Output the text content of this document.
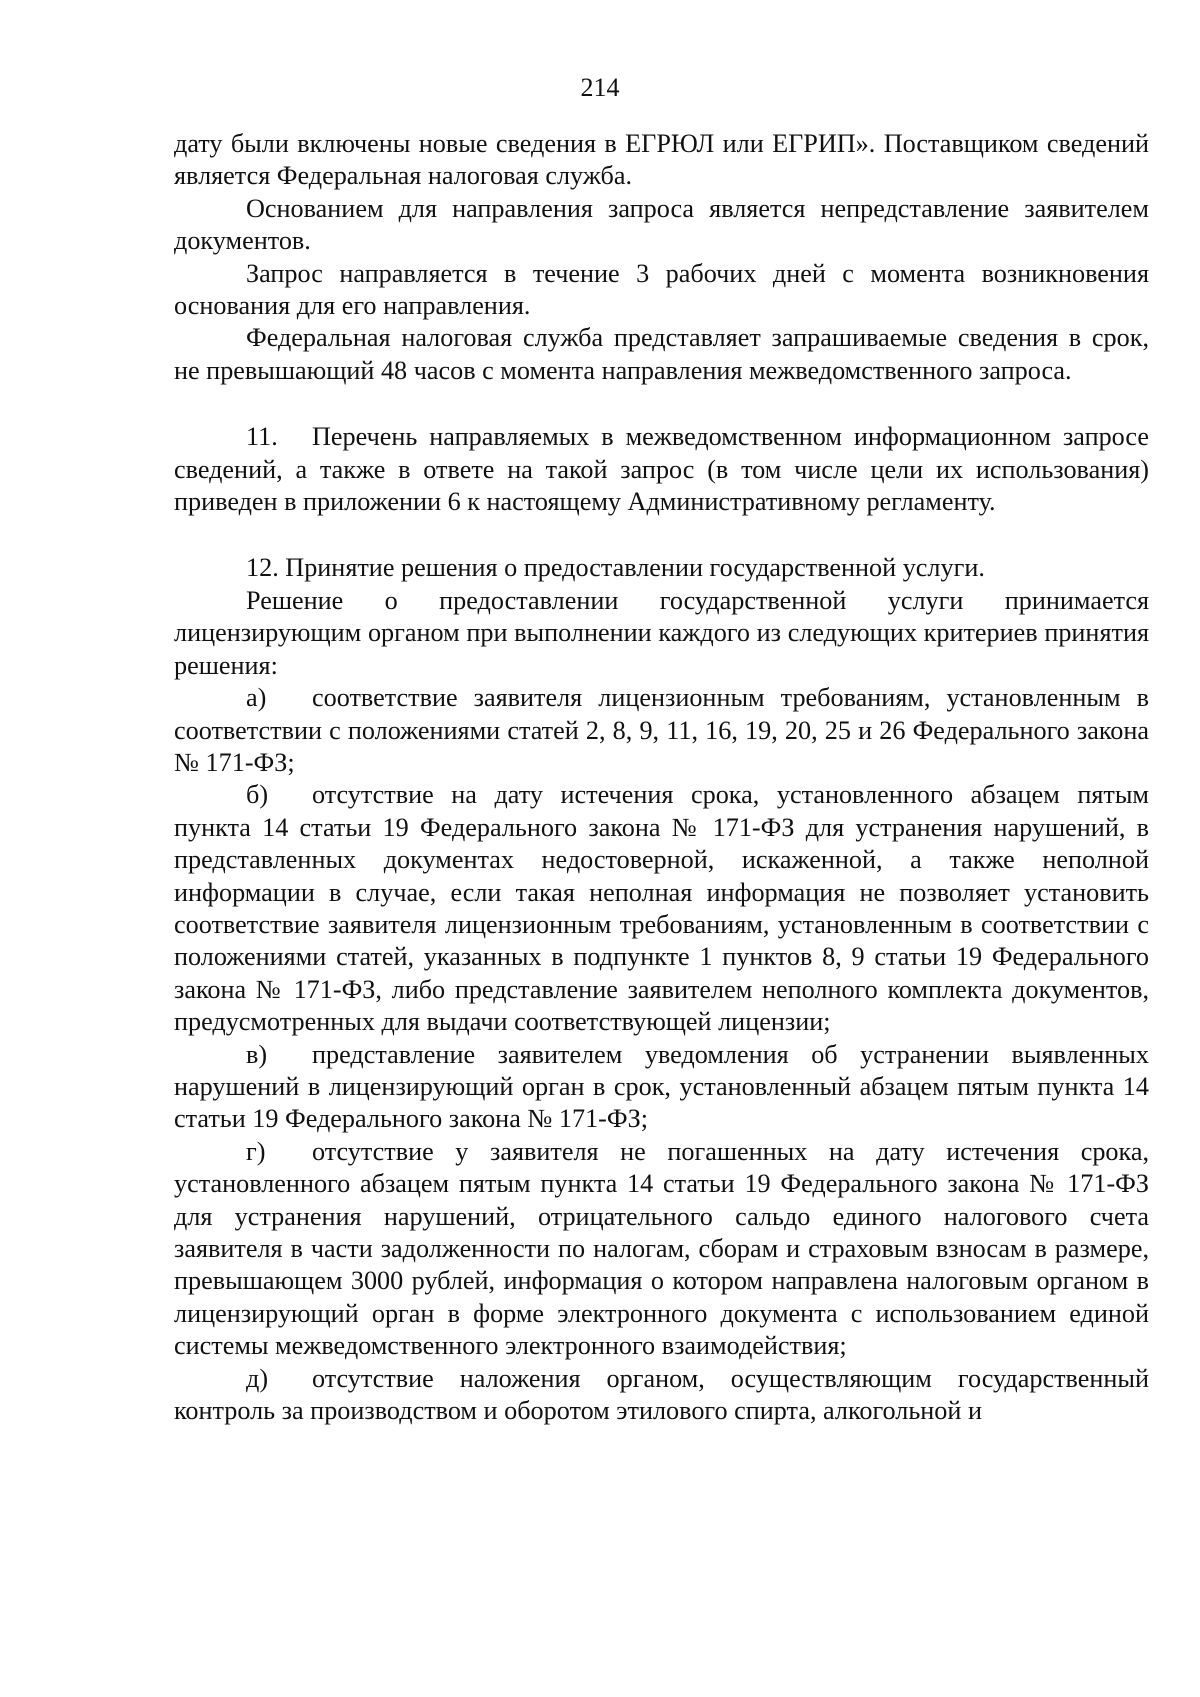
214

дату были включены новые сведения в ЕГРЮЛ или ЕГРИП». Поставщиком сведений является Федеральная налоговая служба.

Основанием для направления запроса является непредставление заявителем документов.

Запрос направляется в течение 3 рабочих дней с момента возникновения основания для его направления.

Федеральная налоговая служба представляет запрашиваемые сведения в срок, не превышающий 48 часов с момента направления межведомственного запроса.

11. Перечень направляемых в межведомственном информационном запросе сведений, а также в ответе на такой запрос (в том числе цели их использования) приведен в приложении 6 к настоящему Административному регламенту.

12. Принятие решения о предоставлении государственной услуги.

Решение о предоставлении государственной услуги принимается лицензирующим органом при выполнении каждого из следующих критериев принятия решения:

а) соответствие заявителя лицензионным требованиям, установленным в соответствии с положениями статей 2, 8, 9, 11, 16, 19, 20, 25 и 26 Федерального закона № 171-ФЗ;

б) отсутствие на дату истечения срока, установленного абзацем пятым пункта 14 статьи 19 Федерального закона № 171-ФЗ для устранения нарушений, в представленных документах недостоверной, искаженной, а также неполной информации в случае, если такая неполная информация не позволяет установить соответствие заявителя лицензионным требованиям, установленным в соответствии с положениями статей, указанных в подпункте 1 пунктов 8, 9 статьи 19 Федерального закона № 171-ФЗ, либо представление заявителем неполного комплекта документов, предусмотренных для выдачи соответствующей лицензии;

в) представление заявителем уведомления об устранении выявленных нарушений в лицензирующий орган в срок, установленный абзацем пятым пункта 14 статьи 19 Федерального закона № 171-ФЗ;

г) отсутствие у заявителя не погашенных на дату истечения срока, установленного абзацем пятым пункта 14 статьи 19 Федерального закона № 171-ФЗ для устранения нарушений, отрицательного сальдо единого налогового счета заявителя в части задолженности по налогам, сборам и страховым взносам в размере, превышающем 3000 рублей, информация о котором направлена налоговым органом в лицензирующий орган в форме электронного документа с использованием единой системы межведомственного электронного взаимодействия;

д) отсутствие наложения органом, осуществляющим государственный контроль за производством и оборотом этилового спирта, алкогольной и
